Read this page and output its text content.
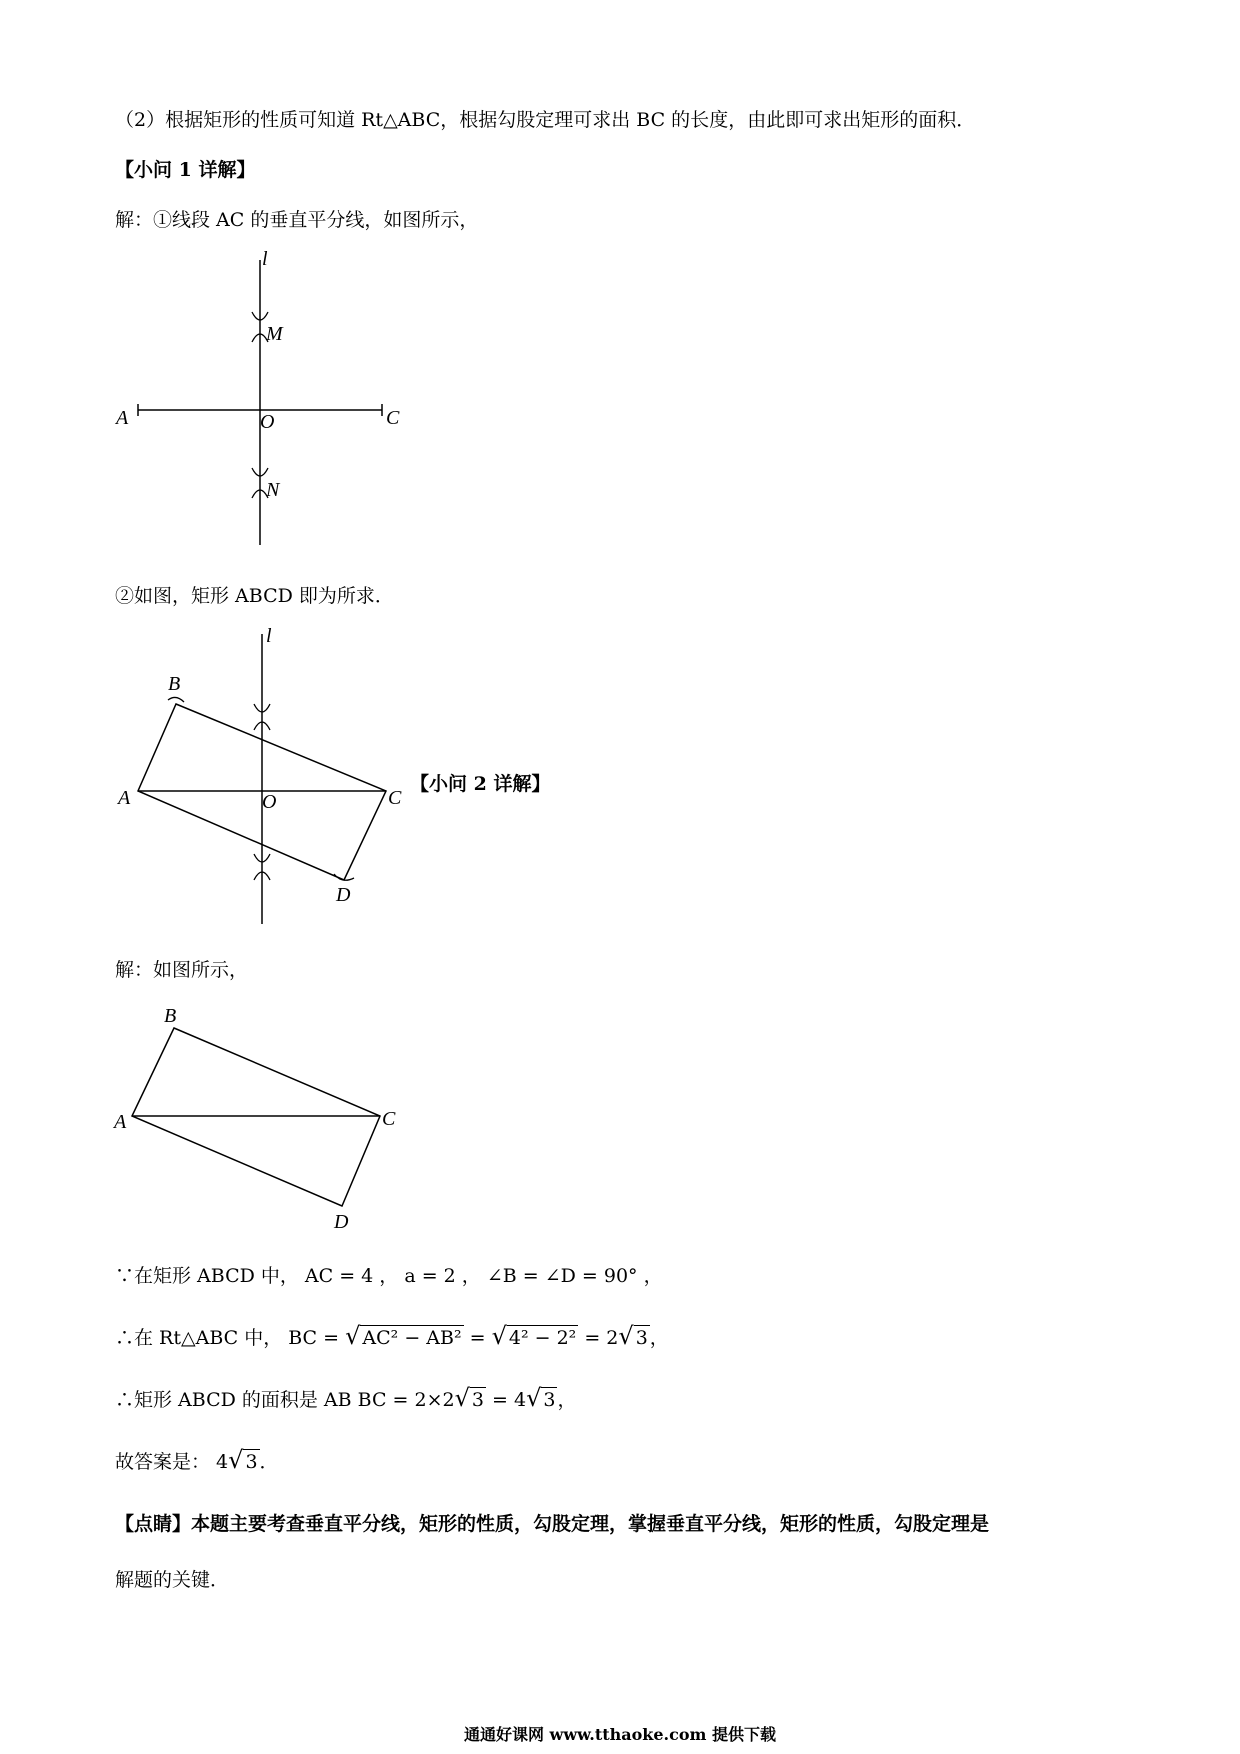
（2）根据矩形的性质可知道 Rt△ABC，根据勾股定理可求出 BC 的长度，由此即可求出矩形的面积．
【小问 1 详解】
解：①线段 AC 的垂直平分线，如图所示，
l
M
A	O	C
N
②如图，矩形 ABCD 即为所求．
l
B
A	O	C
D
【小问 2 详解】
解：如图所示，
B
A	C
D
∵在矩形 ABCD 中， AC = 4 ， a = 2 ， ∠B = ∠D = 90° ，
∴在 Rt△ABC 中， BC = √ AC² − AB² = √ 4² − 2² = 2√ 3 ，
∴矩形 ABCD 的面积是 AB BC = 2×2√ 3 = 4√ 3 ，
故答案是： 4√ 3 ．
【点睛】本题主要考查垂直平分线，矩形的性质，勾股定理，掌握垂直平分线，矩形的性质，勾股定理是
解题的关键．
通通好课网 www.tthaoke.com 提供下载
